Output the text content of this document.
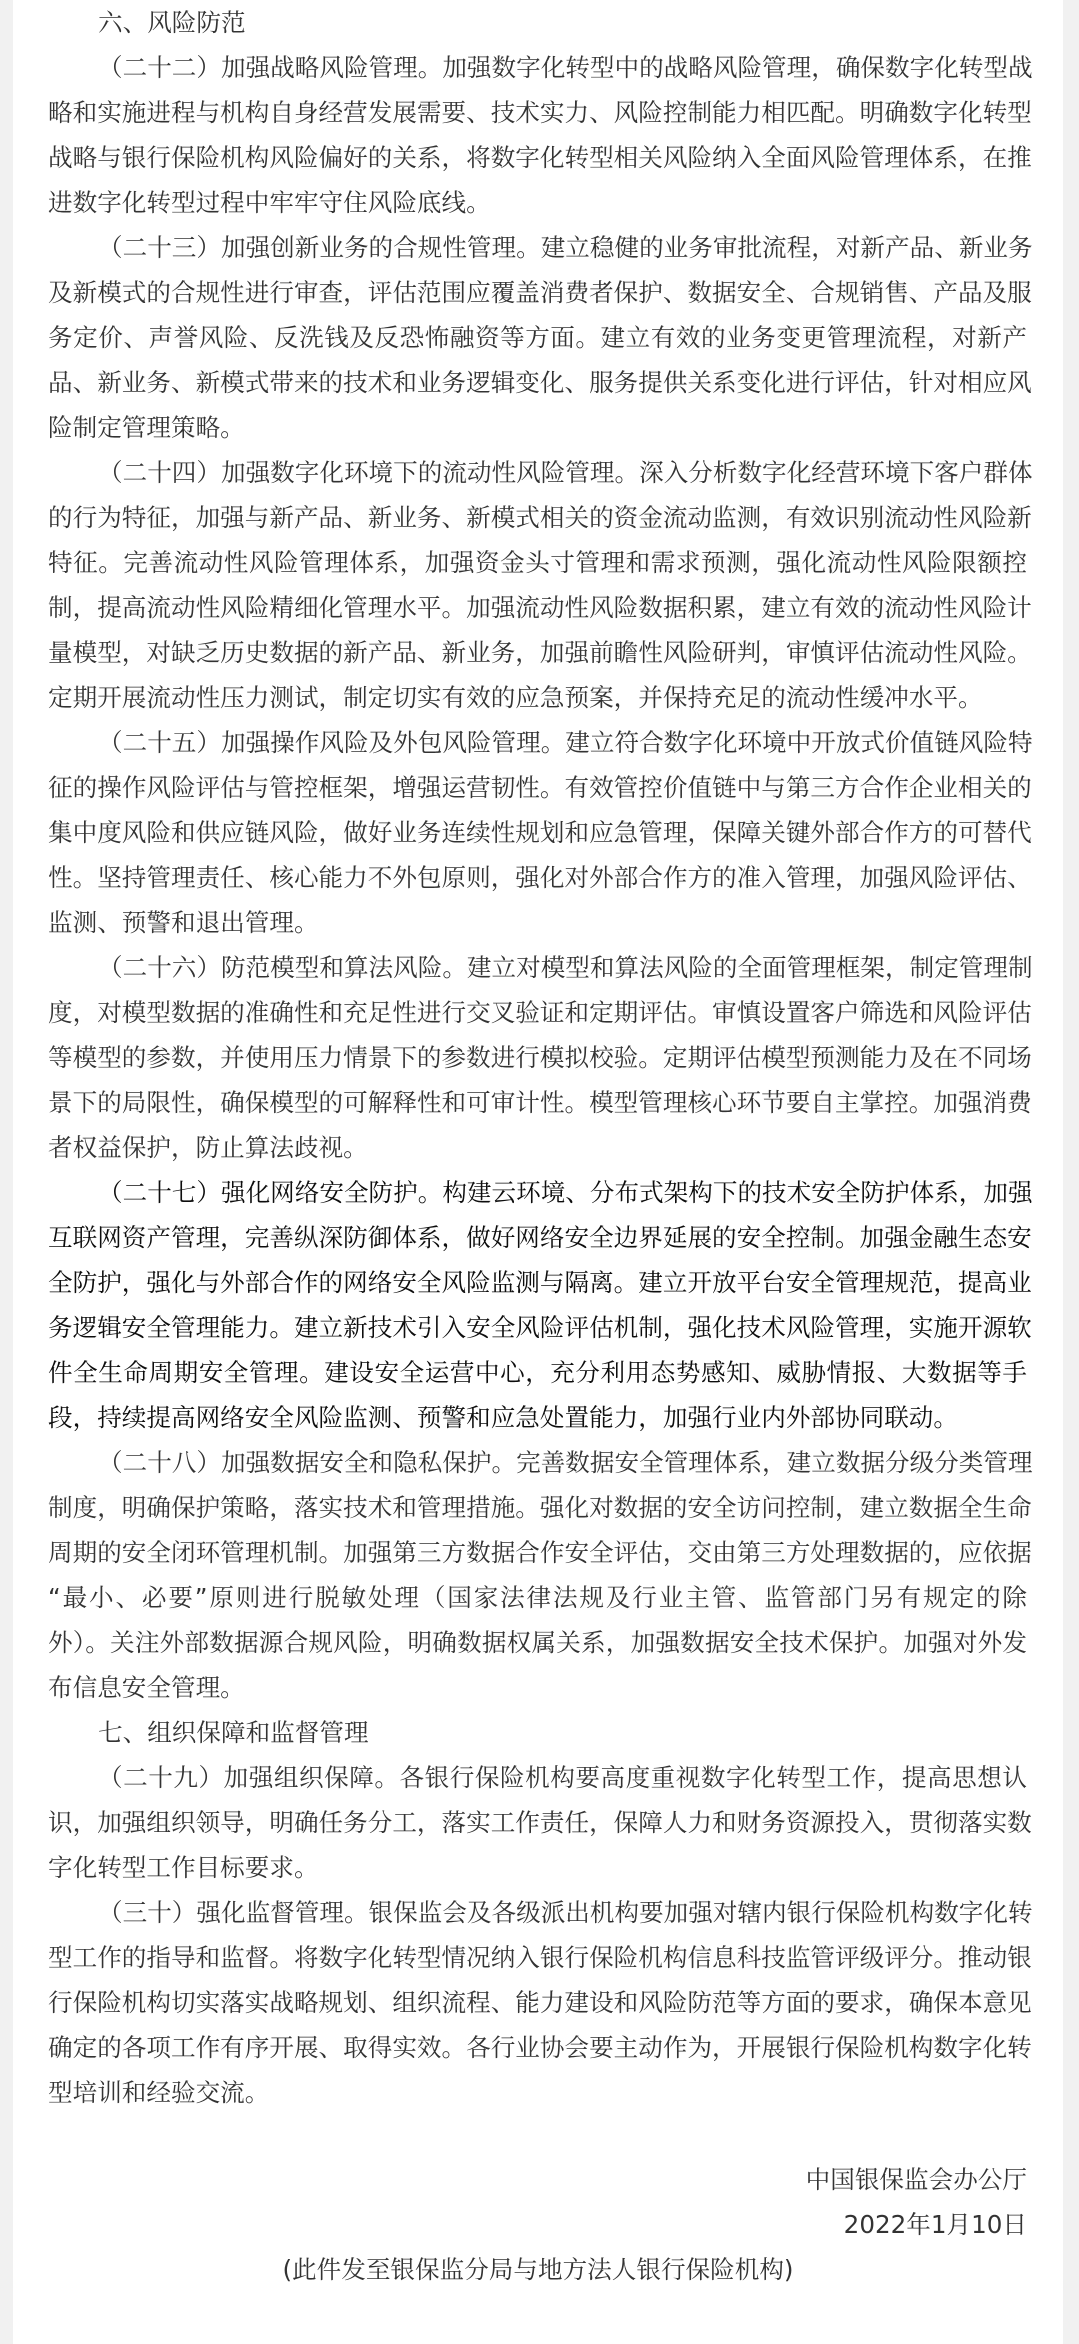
六、风险防范
（二十二）加强战略风险管理。加强数字化转型中的战略风险管理，确保数字化转型战
略和实施进程与机构自身经营发展需要、技术实力、风险控制能力相匹配。明确数字化转型
战略与银行保险机构风险偏好的关系，将数字化转型相关风险纳入全面风险管理体系，在推
进数字化转型过程中牢牢守住风险底线。
（二十三）加强创新业务的合规性管理。建立稳健的业务审批流程，对新产品、新业务
及新模式的合规性进行审查，评估范围应覆盖消费者保护、数据安全、合规销售、产品及服
务定价、声誉风险、反洗钱及反恐怖融资等方面。建立有效的业务变更管理流程，对新产
品、新业务、新模式带来的技术和业务逻辑变化、服务提供关系变化进行评估，针对相应风
险制定管理策略。
（二十四）加强数字化环境下的流动性风险管理。深入分析数字化经营环境下客户群体
的行为特征，加强与新产品、新业务、新模式相关的资金流动监测，有效识别流动性风险新
特征。完善流动性风险管理体系，加强资金头寸管理和需求预测，强化流动性风险限额控
制，提高流动性风险精细化管理水平。加强流动性风险数据积累，建立有效的流动性风险计
量模型，对缺乏历史数据的新产品、新业务，加强前瞻性风险研判，审慎评估流动性风险。
定期开展流动性压力测试，制定切实有效的应急预案，并保持充足的流动性缓冲水平。
（二十五）加强操作风险及外包风险管理。建立符合数字化环境中开放式价值链风险特
征的操作风险评估与管控框架，增强运营韧性。有效管控价值链中与第三方合作企业相关的
集中度风险和供应链风险，做好业务连续性规划和应急管理，保障关键外部合作方的可替代
性。坚持管理责任、核心能力不外包原则，强化对外部合作方的准入管理，加强风险评估、
监测、预警和退出管理。
（二十六）防范模型和算法风险。建立对模型和算法风险的全面管理框架，制定管理制
度，对模型数据的准确性和充足性进行交叉验证和定期评估。审慎设置客户筛选和风险评估
等模型的参数，并使用压力情景下的参数进行模拟校验。定期评估模型预测能力及在不同场
景下的局限性，确保模型的可解释性和可审计性。模型管理核心环节要自主掌控。加强消费
者权益保护，防止算法歧视。
（二十七）强化网络安全防护。构建云环境、分布式架构下的技术安全防护体系，加强
互联网资产管理，完善纵深防御体系，做好网络安全边界延展的安全控制。加强金融生态安
全防护，强化与外部合作的网络安全风险监测与隔离。建立开放平台安全管理规范，提高业
务逻辑安全管理能力。建立新技术引入安全风险评估机制，强化技术风险管理，实施开源软
件全生命周期安全管理。建设安全运营中心，充分利用态势感知、威胁情报、大数据等手
段，持续提高网络安全风险监测、预警和应急处置能力，加强行业内外部协同联动。
（二十八）加强数据安全和隐私保护。完善数据安全管理体系，建立数据分级分类管理
制度，明确保护策略，落实技术和管理措施。强化对数据的安全访问控制，建立数据全生命
周期的安全闭环管理机制。加强第三方数据合作安全评估，交由第三方处理数据的，应依据
“最小、必要”原则进行脱敏处理（国家法律法规及行业主管、监管部门另有规定的除
外）。关注外部数据源合规风险，明确数据权属关系，加强数据安全技术保护。加强对外发
布信息安全管理。
七、组织保障和监督管理
（二十九）加强组织保障。各银行保险机构要高度重视数字化转型工作，提高思想认
识，加强组织领导，明确任务分工，落实工作责任，保障人力和财务资源投入，贯彻落实数
字化转型工作目标要求。
（三十）强化监督管理。银保监会及各级派出机构要加强对辖内银行保险机构数字化转
型工作的指导和监督。将数字化转型情况纳入银行保险机构信息科技监管评级评分。推动银
行保险机构切实落实战略规划、组织流程、能力建设和风险防范等方面的要求，确保本意见
确定的各项工作有序开展、取得实效。各行业协会要主动作为，开展银行保险机构数字化转
型培训和经验交流。
中国银保监会办公厅
2022年1月10日
(此件发至银保监分局与地方法人银行保险机构)
